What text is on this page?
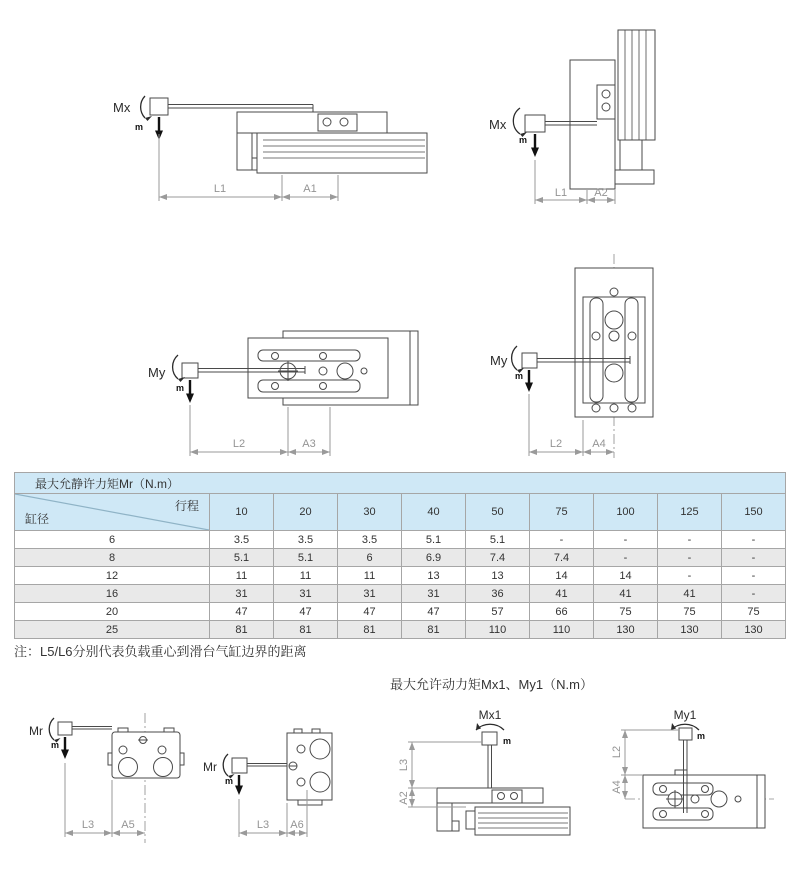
Mx
m
L1	A1
Mx
m
L1 A2
My
m
L2	A3
My
m
L2	A4
最大允静许力矩Mr（N.m）									

行程
缸径	10	20	30	40	50	75	100	125	150
6	3.5	3.5	3.5	5.1	5.1	-	-	-	-
8	5.1	5.1	6	6.9	7.4	7.4	-	-	-
12	11	11	11	13	13	14	14	-	-
16	31	31	31	31	36	41	41	41	-
20	47	47	47	47	57	66	75	75	75
25	81	81	81	81	110	110	130	130	130
注：L5/L6分别代表负载重心到滑台气缸边界的距离
最大允许动力矩Mx1、My1（N.m）
Mr
m
L3 A5
Mr
m
L3 A6
Mx1
m
L3
A2
My1
m
L2
A4
